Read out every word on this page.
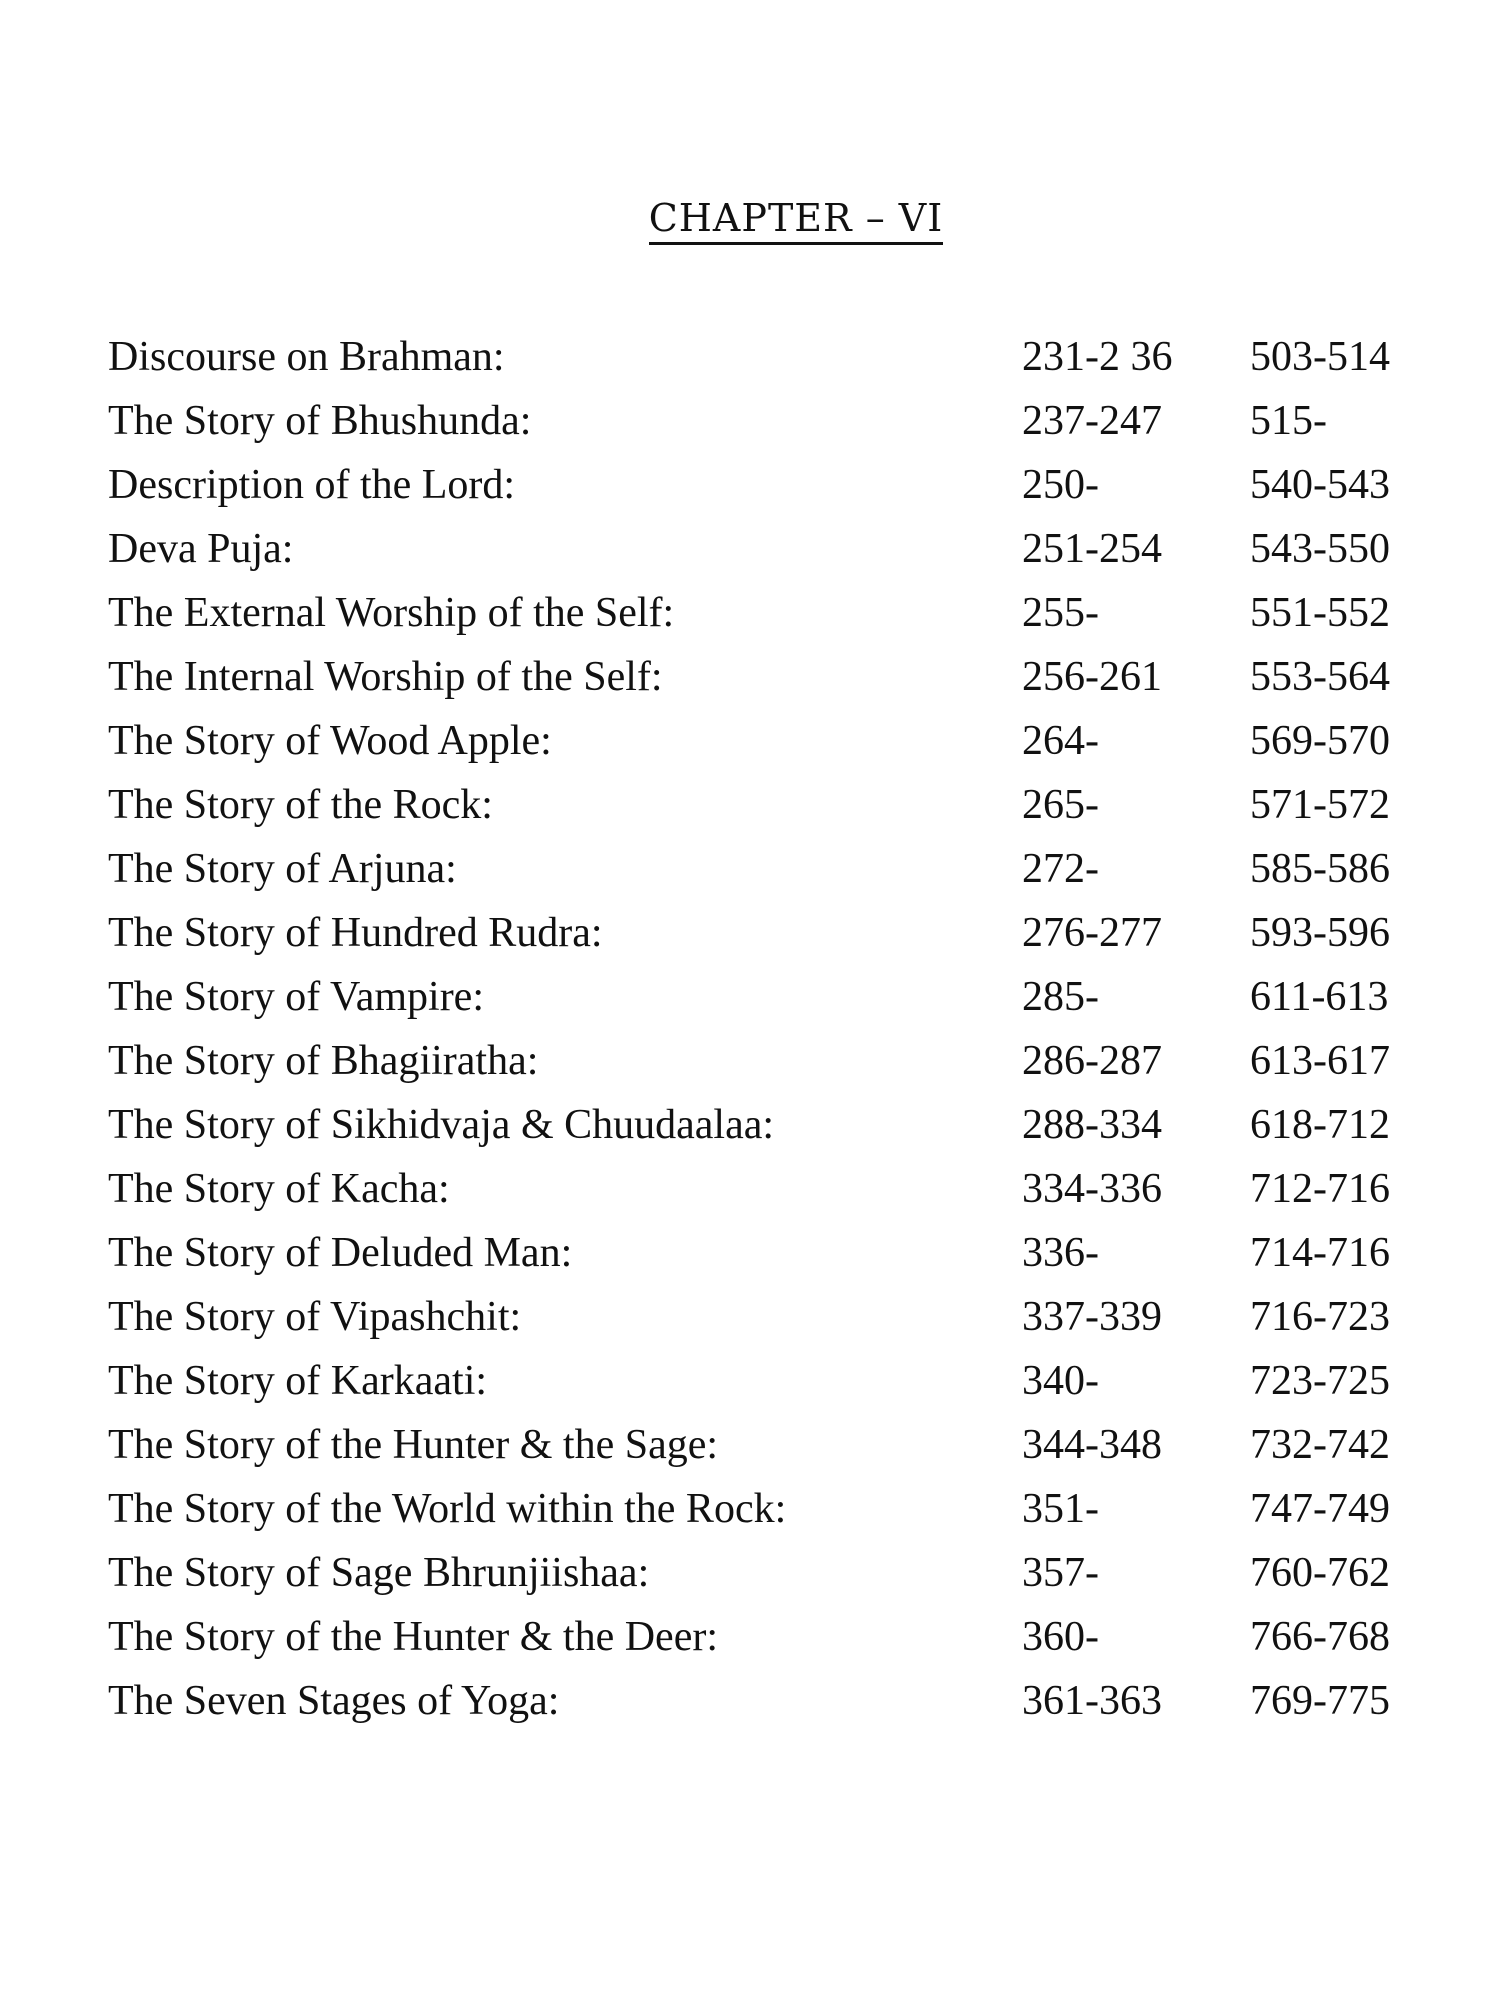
CHAPTER – VI
Discourse on Brahman:	231-2 36 503-514
The Story of Bhushunda:	237-247 515-
Description of the Lord:	250-	540-543
Deva Puja:	251-254 543-550
The External Worship of the Self:	255-	551-552
The Internal Worship of the Self:	256-261 553-564
The Story of Wood Apple:	264-	569-570
The Story of the Rock:	265-	571-572
The Story of Arjuna:	272-	585-586
The Story of Hundred Rudra:	276-277 593-596
The Story of Vampire:	285-	611-613
The Story of Bhagiiratha:	286-287 613-617
The Story of Sikhidvaja & Chuudaalaa:	288-334 618-712
The Story of Kacha:	334-336 712-716
The Story of Deluded Man:	336-	714-716
The Story of Vipashchit:	337-339 716-723
The Story of Karkaati:	340-	723-725
The Story of the Hunter & the Sage:	344-348 732-742
The Story of the World within the Rock:	351-	747-749
The Story of Sage Bhrunjiishaa:	357-	760-762
The Story of the Hunter & the Deer:	360-	766-768
The Seven Stages of Yoga:	361-363 769-775
